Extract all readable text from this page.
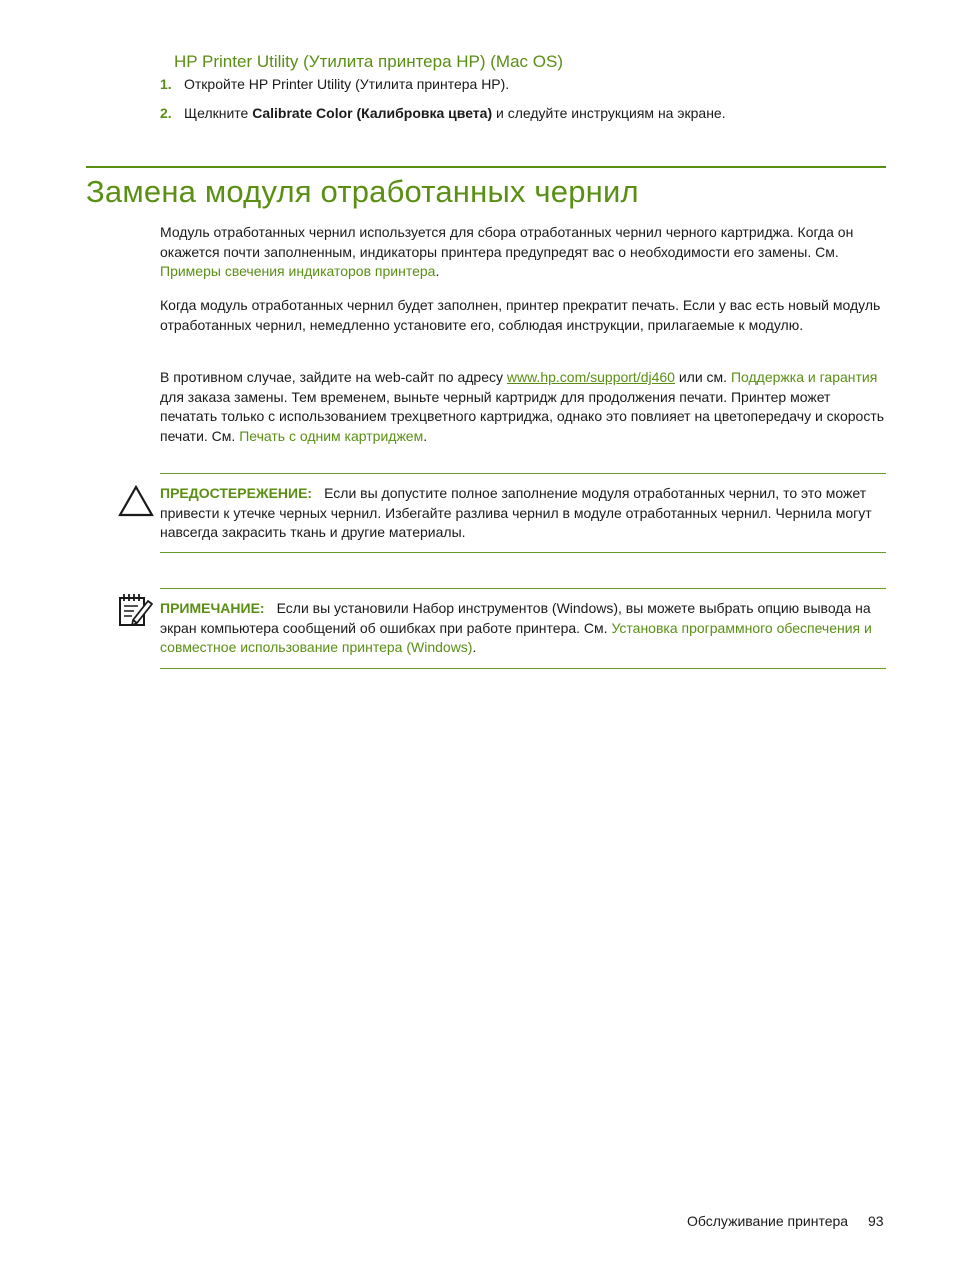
HP Printer Utility (Утилита принтера HP) (Mac OS)
1. Откройте HP Printer Utility (Утилита принтера HP).
2. Щелкните Calibrate Color (Калибровка цвета) и следуйте инструкциям на экране.
Замена модуля отработанных чернил

Модуль отработанных чернил используется для сбора отработанных чернил черного картриджа. Когда он окажется почти заполненным, индикаторы принтера предупредят вас о необходимости его замены. См. Примеры свечения индикаторов принтера.

Когда модуль отработанных чернил будет заполнен, принтер прекратит печать. Если у вас есть новый модуль отработанных чернил, немедленно установите его, соблюдая инструкции, прилагаемые к модулю.

В противном случае, зайдите на web-сайт по адресу www.hp.com/support/dj460 или см. Поддержка и гарантия для заказа замены. Тем временем, выньте черный картридж для продолжения печати. Принтер может печатать только с использованием трехцветного картриджа, однако это повлияет на цветопередачу и скорость печати. См. Печать с одним картриджем.

ПРЕДОСТЕРЕЖЕНИЕ: Если вы допустите полное заполнение модуля отработанных чернил, то это может привести к утечке черных чернил. Избегайте разлива чернил в модуле отработанных чернил. Чернила могут навсегда закрасить ткань и другие материалы.

ПРИМЕЧАНИЕ: Если вы установили Набор инструментов (Windows), вы можете выбрать опцию вывода на экран компьютера сообщений об ошибках при работе принтера. См. Установка программного обеспечения и совместное использование принтера (Windows).

Обслуживание принтера 93
